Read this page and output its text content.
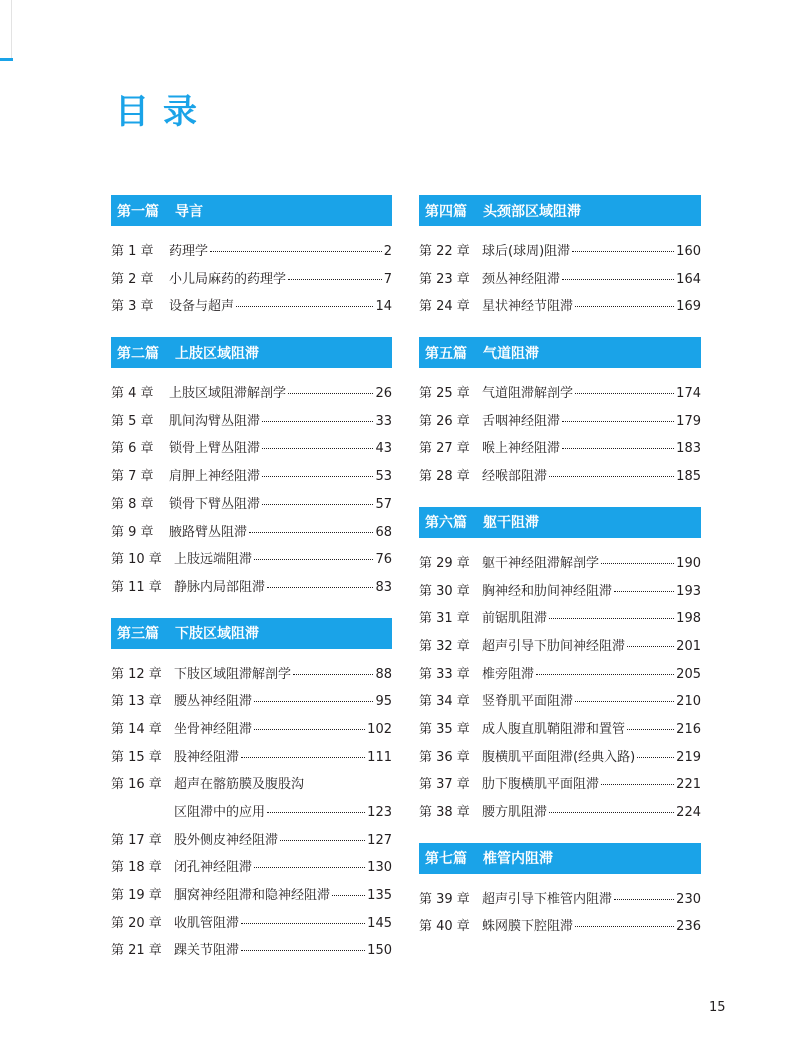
目录
第一篇 导言
第 1 章	药理学	2
第 2 章	小儿局麻药的药理学	7
第 3 章	设备与超声	14
第二篇 上肢区域阻滞
第 4 章	上肢区域阻滞解剖学	26
第 5 章	肌间沟臂丛阻滞	33
第 6 章	锁骨上臂丛阻滞	43
第 7 章	肩胛上神经阻滞	53
第 8 章	锁骨下臂丛阻滞	57
第 9 章	腋路臂丛阻滞	68
第 10 章 上肢远端阻滞	76
第 11 章 静脉内局部阻滞	83
第三篇 下肢区域阻滞
第 12 章 下肢区域阻滞解剖学	88
第 13 章 腰丛神经阻滞	95
第 14 章 坐骨神经阻滞	102
第 15 章 股神经阻滞	111
第 16 章 超声在髂筋膜及腹股沟
区阻滞中的应用	123
第 17 章 股外侧皮神经阻滞	127
第 18 章 闭孔神经阻滞	130
第 19 章 腘窝神经阻滞和隐神经阻滞	135
第 20 章 收肌管阻滞	145
第 21 章 踝关节阻滞	150
第四篇 头颈部区域阻滞
第 22 章 球后(球周)阻滞	160
第 23 章 颈丛神经阻滞	164
第 24 章 星状神经节阻滞	169
第五篇 气道阻滞
第 25 章 气道阻滞解剖学	174
第 26 章 舌咽神经阻滞	179
第 27 章 喉上神经阻滞	183
第 28 章 经喉部阻滞	185
第六篇 躯干阻滞
第 29 章 躯干神经阻滞解剖学	190
第 30 章 胸神经和肋间神经阻滞	193
第 31 章 前锯肌阻滞	198
第 32 章 超声引导下肋间神经阻滞	201
第 33 章 椎旁阻滞	205
第 34 章 竖脊肌平面阻滞	210
第 35 章 成人腹直肌鞘阻滞和置管	216
第 36 章 腹横肌平面阻滞(经典入路)	219
第 37 章 肋下腹横肌平面阻滞	221
第 38 章 腰方肌阻滞	224
第七篇 椎管内阻滞
第 39 章 超声引导下椎管内阻滞	230
第 40 章 蛛网膜下腔阻滞	236
15
